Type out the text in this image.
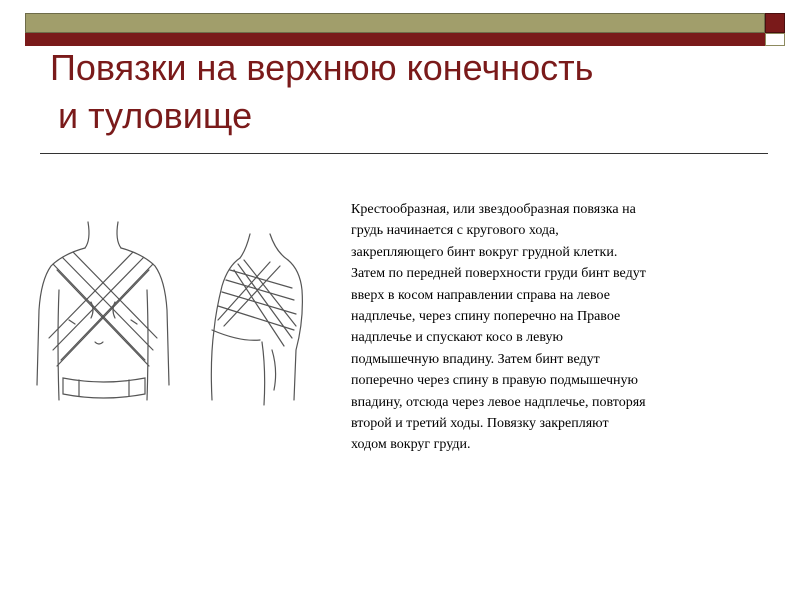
Повязки на верхнюю конечность
и туловище

Крестообразная, или звездообразная повязка на
грудь начинается с кругового хода,
закрепляющего бинт вокруг грудной клетки.
Затем по передней поверхности груди бинт ведут
вверх в косом направлении справа на левое
надплечье, через спину поперечно на Правое
надплечье и спускают косо в левую
подмышечную впадину. Затем бинт ведут
поперечно через спину в правую подмышечную
впадину, отсюда через левое надплечье, повторяя
второй и третий ходы. Повязку закрепляют
ходом вокруг груди.
